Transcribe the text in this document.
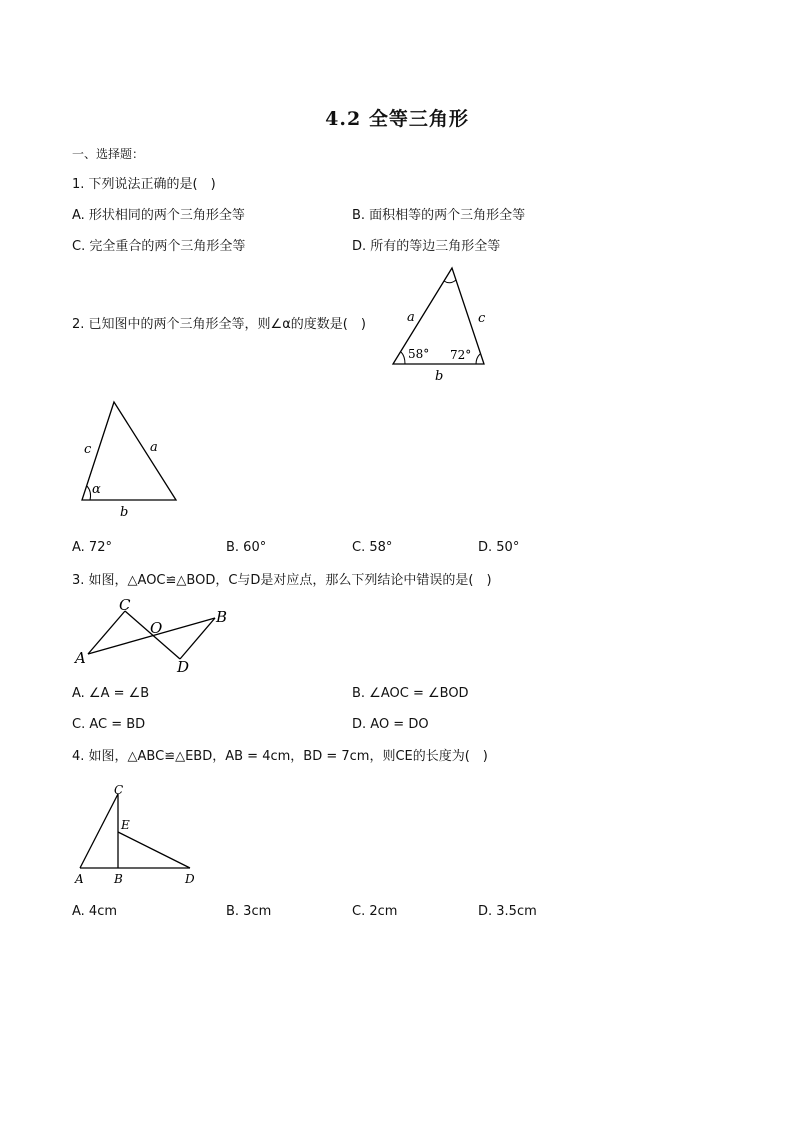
4.2 全等三角形
一、选择题：
1. 下列说法正确的是(　)
A. 形状相同的两个三角形全等	B. 面积相等的两个三角形全等
C. 完全重合的两个三角形全等	D. 所有的等边三角形全等
2. 已知图中的两个三角形全等，则∠α的度数是(　)	a	c
b
58° 72°
c	a
b
α
A. 72°	B. 60°	C. 58°	D. 50°
3. 如图，△AOC≌△BOD，C与D是对应点，那么下列结论中错误的是(　)
C
O
B
A	D
A. ∠A = ∠B	B. ∠AOC = ∠BOD
C. AC = BD	D. AO = DO
4. 如图，△ABC≌△EBD，AB = 4cm，BD = 7cm，则CE的长度为(　)
C
E
A	B	D
A. 4cm	B. 3cm	C. 2cm	D. 3.5cm
